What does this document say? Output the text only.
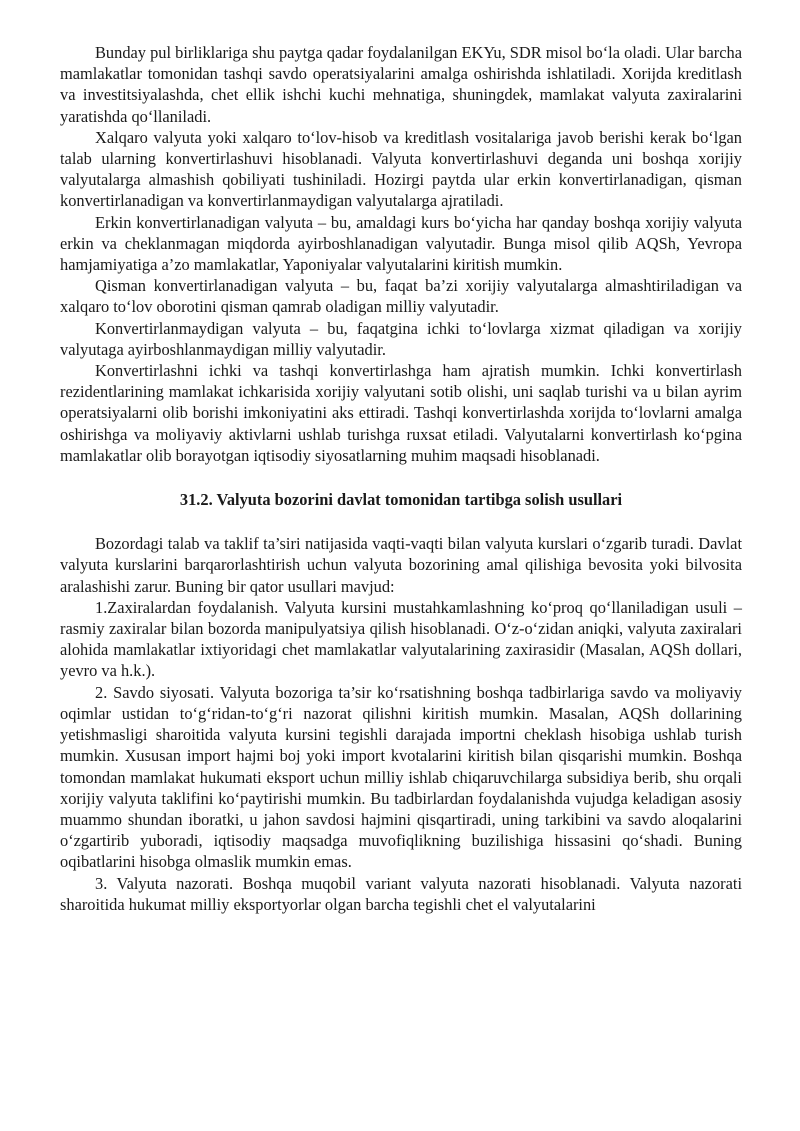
Bunday pul birliklariga shu paytga qadar foydalanilgan EKYu, SDR misol bo‘la oladi. Ular barcha mamlakatlar tomonidan tashqi savdo operatsiyalarini amalga oshirishda ishlatiladi. Xorijda kreditlash va investitsiyalashda, chet ellik ishchi kuchi mehnatiga, shuningdek, mamlakat valyuta zaxiralarini yaratishda qo‘llaniladi.

Xalqaro valyuta yoki xalqaro to‘lov-hisob va kreditlash vositalariga javob berishi kerak bo‘lgan talab ularning konvertirlashuvi hisoblanadi. Valyuta konvertirlashuvi deganda uni boshqa xorijiy valyutalarga almashish qobiliyati tushiniladi. Hozirgi paytda ular erkin konvertirlanadigan, qisman konvertirlanadigan va konvertirlanmaydigan valyutalarga ajratiladi.

Erkin konvertirlanadigan valyuta – bu, amaldagi kurs bo‘yicha har qanday boshqa xorijiy valyuta erkin va cheklanmagan miqdorda ayirboshlanadigan valyutadir. Bunga misol qilib AQSh, Yevropa hamjamiyatiga a’zo mamlakatlar, Yaponiyalar valyutalarini kiritish mumkin.

Qisman konvertirlanadigan valyuta – bu, faqat ba’zi xorijiy valyutalarga almashtiriladigan va xalqaro to‘lov oborotini qisman qamrab oladigan milliy valyutadir.

Konvertirlanmaydigan valyuta – bu, faqatgina ichki to‘lovlarga xizmat qiladigan va xorijiy valyutaga ayirboshlanmaydigan milliy valyutadir.

Konvertirlashni ichki va tashqi konvertirlashga ham ajratish mumkin. Ichki konvertirlash rezidentlarining mamlakat ichkarisida xorijiy valyutani sotib olishi, uni saqlab turishi va u bilan ayrim operatsiyalarni olib borishi imkoniyatini aks ettiradi. Tashqi konvertirlashda xorijda to‘lovlarni amalga oshirishga va moliyaviy aktivlarni ushlab turishga ruxsat etiladi. Valyutalarni konvertirlash ko‘pgina mamlakatlar olib borayotgan iqtisodiy siyosatlarning muhim maqsadi hisoblanadi.

31.2. Valyuta bozorini davlat tomonidan tartibga solish usullari

Bozordagi talab va taklif ta’siri natijasida vaqti-vaqti bilan valyuta kurslari o‘zgarib turadi. Davlat valyuta kurslarini barqarorlashtirish uchun valyuta bozorining amal qilishiga bevosita yoki bilvosita aralashishi zarur. Buning bir qator usullari mavjud:

1.Zaxiralardan foydalanish. Valyuta kursini mustahkamlashning ko‘proq qo‘llaniladigan usuli – rasmiy zaxiralar bilan bozorda manipulyatsiya qilish hisoblanadi. O‘z-o‘zidan aniqki, valyuta zaxiralari alohida mamlakatlar ixtiyoridagi chet mamlakatlar valyutalarining zaxirasidir (Masalan, AQSh dollari, yevro va h.k.).

2. Savdo siyosati. Valyuta bozoriga ta’sir ko‘rsatishning boshqa tadbirlariga savdo va moliyaviy oqimlar ustidan to‘g‘ridan-to‘g‘ri nazorat qilishni kiritish mumkin. Masalan, AQSh dollarining yetishmasligi sharoitida valyuta kursini tegishli darajada importni cheklash hisobiga ushlab turish mumkin. Xususan import hajmi boj yoki import kvotalarini kiritish bilan qisqarishi mumkin. Boshqa tomondan mamlakat hukumati eksport uchun milliy ishlab chiqaruvchilarga subsidiya berib, shu orqali xorijiy valyuta taklifini ko‘paytirishi mumkin. Bu tadbirlardan foydalanishda vujudga keladigan asosiy muammo shundan iboratki, u jahon savdosi hajmini qisqartiradi, uning tarkibini va savdo aloqalarini o‘zgartirib yuboradi, iqtisodiy maqsadga muvofiqlikning buzilishiga hissasini qo‘shadi. Buning oqibatlarini hisobga olmaslik mumkin emas.

3. Valyuta nazorati. Boshqa muqobil variant valyuta nazorati hisoblanadi. Valyuta nazorati sharoitida hukumat milliy eksportyorlar olgan barcha tegishli chet el valyutalarini
